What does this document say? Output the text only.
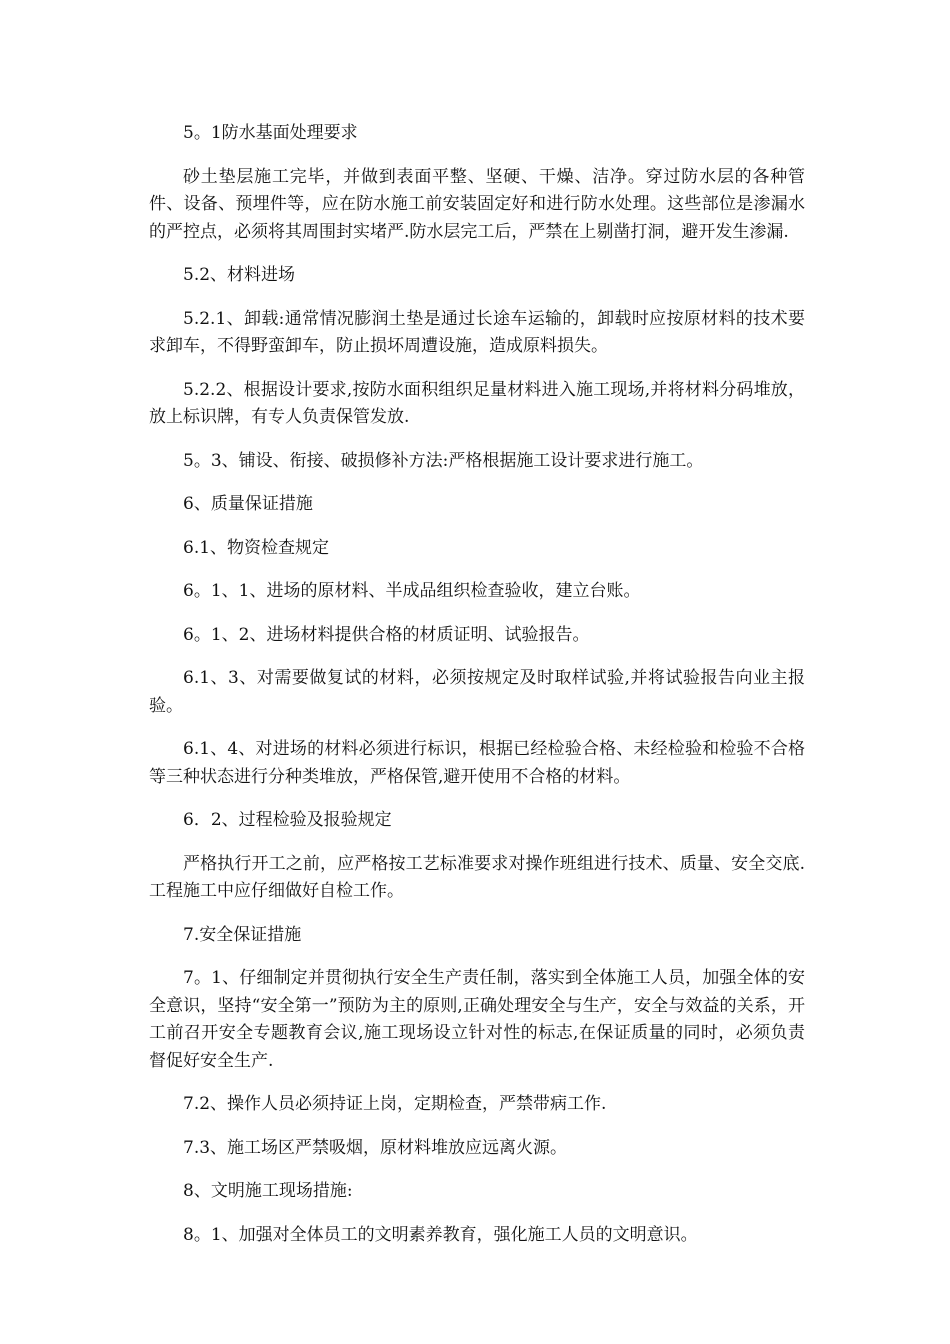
5。1防水基面处理要求

砂土垫层施工完毕，并做到表面平整、坚硬、干燥、洁净。穿过防水层的各种管件、设备、预埋件等，应在防水施工前安装固定好和进行防水处理。这些部位是渗漏水的严控点，必须将其周围封实堵严.防水层完工后，严禁在上剔凿打洞，避开发生渗漏.

5.2、材料进场

5.2.1、卸载:通常情况膨润土垫是通过长途车运输的，卸载时应按原材料的技术要求卸车，不得野蛮卸车，防止损坏周遭设施，造成原料损失。

5.2.2、根据设计要求,按防水面积组织足量材料进入施工现场,并将材料分码堆放，放上标识牌，有专人负责保管发放.

5。3、铺设、衔接、破损修补方法:严格根据施工设计要求进行施工。

6、质量保证措施

6.1、物资检查规定

6。1、1、进场的原材料、半成品组织检查验收，建立台账。

6。1、2、进场材料提供合格的材质证明、试验报告。

6.1、3、对需要做复试的材料，必须按规定及时取样试验,并将试验报告向业主报验。

6.1、4、对进场的材料必须进行标识，根据已经检验合格、未经检验和检验不合格等三种状态进行分种类堆放，严格保管,避开使用不合格的材料。

6．2、过程检验及报验规定

严格执行开工之前，应严格按工艺标准要求对操作班组进行技术、质量、安全交底.工程施工中应仔细做好自检工作。

7.安全保证措施

7。1、仔细制定并贯彻执行安全生产责任制，落实到全体施工人员，加强全体的安全意识，坚持“安全第一”预防为主的原则,正确处理安全与生产，安全与效益的关系，开工前召开安全专题教育会议,施工现场设立针对性的标志,在保证质量的同时，必须负责督促好安全生产.

7.2、操作人员必须持证上岗，定期检查，严禁带病工作.

7.3、施工场区严禁吸烟，原材料堆放应远离火源。

8、文明施工现场措施:

8。1、加强对全体员工的文明素养教育，强化施工人员的文明意识。
